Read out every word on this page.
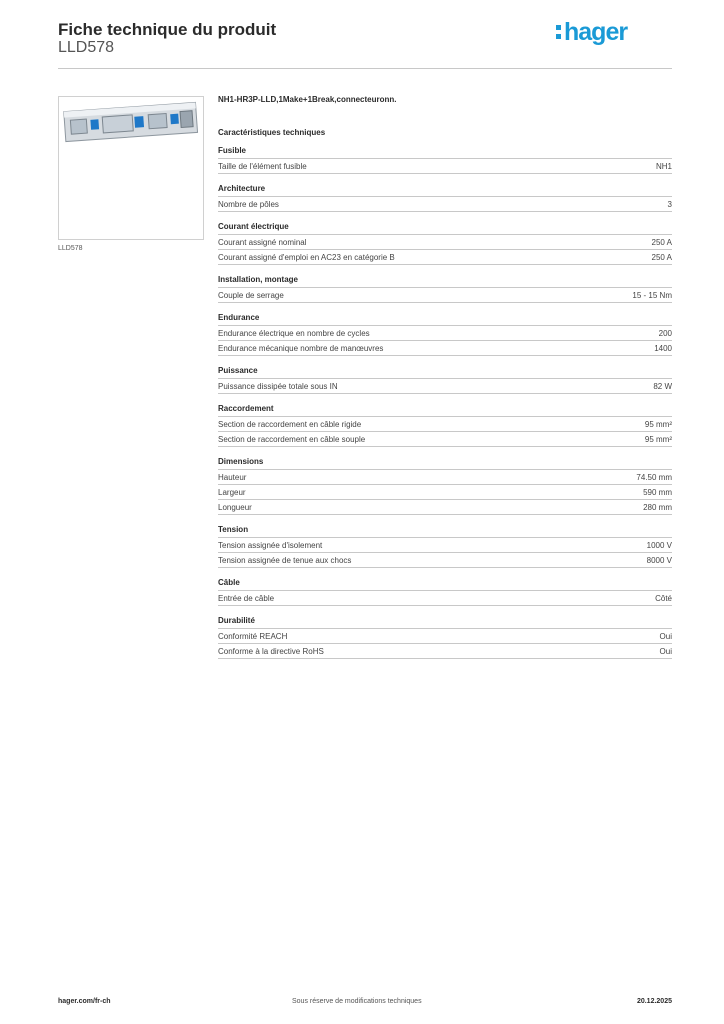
Fiche technique du produit
LLD578
hager
LLD578
NH1-HR3P-LLD,1Make+1Break,connecteuronn.
Caractéristiques techniques
Fusible
Taille de l'élément fusible	NH1
Architecture
Nombre de pôles	3
Courant électrique
Courant assigné nominal	250 A
Courant assigné d'emploi en AC23 en catégorie B	250 A
Installation, montage
Couple de serrage	15 - 15 Nm
Endurance
Endurance électrique en nombre de cycles	200
Endurance mécanique nombre de manœuvres	1400
Puissance
Puissance dissipée totale sous IN	82 W
Raccordement
Section de raccordement en câble rigide	95 mm²
Section de raccordement en câble souple	95 mm²
Dimensions
Hauteur	74.50 mm
Largeur	590 mm
Longueur	280 mm
Tension
Tension assignée d'isolement	1000 V
Tension assignée de tenue aux chocs	8000 V
Câble
Entrée de câble	Côté
Durabilité
Conformité REACH	Oui
Conforme à la directive RoHS	Oui
hager.com/fr-ch	Sous réserve de modifications techniques	20.12.2025
